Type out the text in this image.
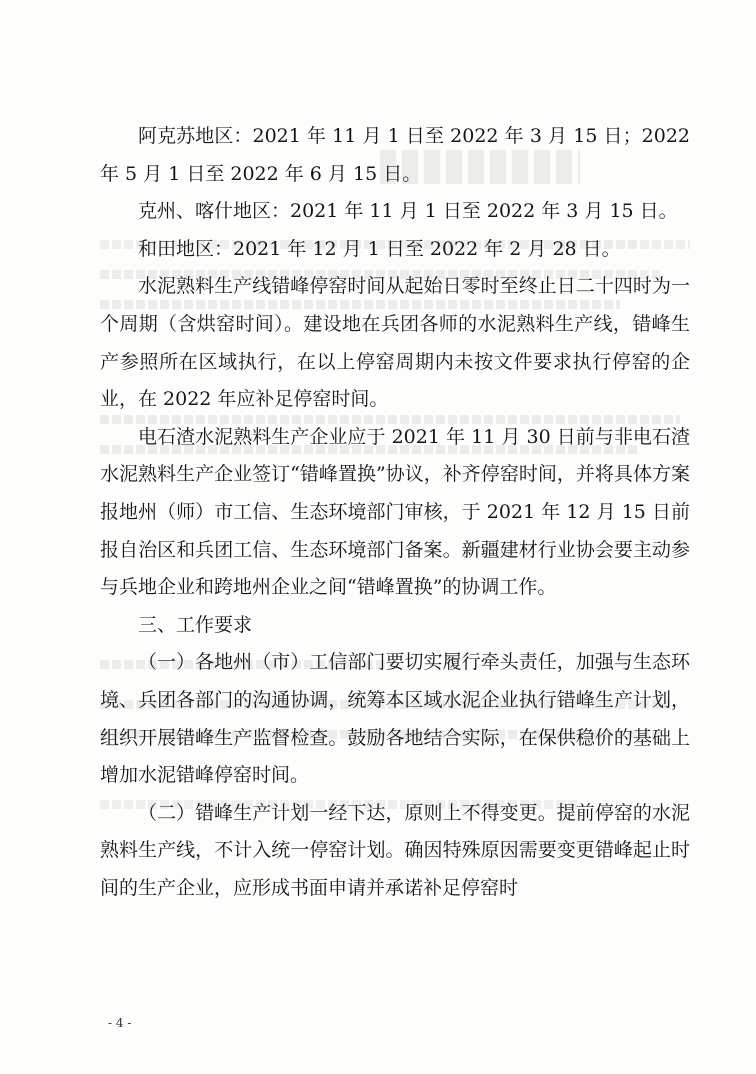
阿克苏地区：2021 年 11 月 1 日至 2022 年 3 月 15 日；2022 年 5 月 1 日至 2022 年 6 月 15 日。

克州、喀什地区：2021 年 11 月 1 日至 2022 年 3 月 15 日。

和田地区：2021 年 12 月 1 日至 2022 年 2 月 28 日。

水泥熟料生产线错峰停窑时间从起始日零时至终止日二十四时为一个周期（含烘窑时间）。建设地在兵团各师的水泥熟料生产线，错峰生产参照所在区域执行，在以上停窑周期内未按文件要求执行停窑的企业，在 2022 年应补足停窑时间。

电石渣水泥熟料生产企业应于 2021 年 11 月 30 日前与非电石渣水泥熟料生产企业签订“错峰置换”协议，补齐停窑时间，并将具体方案报地州（师）市工信、生态环境部门审核，于 2021 年 12 月 15 日前报自治区和兵团工信、生态环境部门备案。新疆建材行业协会要主动参与兵地企业和跨地州企业之间“错峰置换”的协调工作。

三、工作要求

（一）各地州（市）工信部门要切实履行牵头责任，加强与生态环境、兵团各部门的沟通协调，统筹本区域水泥企业执行错峰生产计划，组织开展错峰生产监督检查。鼓励各地结合实际，在保供稳价的基础上增加水泥错峰停窑时间。

（二）错峰生产计划一经下达，原则上不得变更。提前停窑的水泥熟料生产线，不计入统一停窑计划。确因特殊原因需要变更错峰起止时间的生产企业，应形成书面申请并承诺补足停窑时

- 4 -
